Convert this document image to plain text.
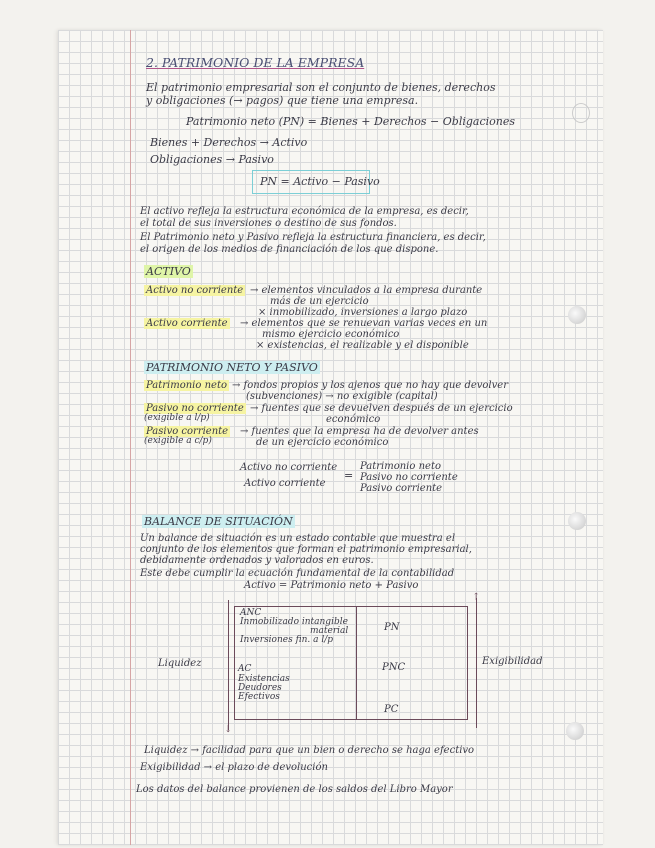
2. PATRIMONIO DE LA EMPRESA
El patrimonio empresarial son el conjunto de bienes, derechos
y obligaciones (→ pagos) que tiene una empresa.
Patrimonio neto (PN) = Bienes + Derechos − Obligaciones
Bienes + Derechos → Activo
Obligaciones → Pasivo
PN = Activo − Pasivo
El activo refleja la estructura económica de la empresa, es decir,
el total de sus inversiones o destino de sus fondos.
El Patrimonio neto y Pasivo refleja la estructura financiera, es decir,
el origen de los medios de financiación de los que dispone.
ACTIVO
Activo no corriente → elementos vinculados a la empresa durante
más de un ejercicio
× inmobilizado, inversiones a largo plazo
Activo corriente → elementos que se renuevan varias veces en un
mismo ejercicio económico
× existencias, el realizable y el disponible
PATRIMONIO NETO Y PASIVO
Patrimonio neto → fondos propios y los ajenos que no hay que devolver
(subvenciones) → no exigible (capital)
Pasivo no corriente
(exigible a l/p)
→ fuentes que se devuelven después de un ejercicio
económico
Pasivo corriente
(exigible a c/p)
→ fuentes que la empresa ha de devolver antes
de un ejercicio económico
Activo no corriente
Activo corriente
=
Patrimonio neto
Pasivo no corriente
Pasivo corriente
BALANCE DE SITUACIÓN
Un balance de situación es un estado contable que muestra el
conjunto de los elementos que forman el patrimonio empresarial,
debidamente ordenados y valorados en euros.
Este debe cumplir la ecuación fundamental de la contabilidad
Activo = Patrimonio neto + Pasivo
↓
↑
Liquidez	Exigibilidad
ANC
Inmobilizado intangible
material
Inversiones fin. a l/p
AC
Existencias
Deudores
Efectivos
PN
PNC
PC
Liquidez → facilidad para que un bien o derecho se haga efectivo
Exigibilidad → el plazo de devolución
Los datos del balance provienen de los saldos del Libro Mayor
